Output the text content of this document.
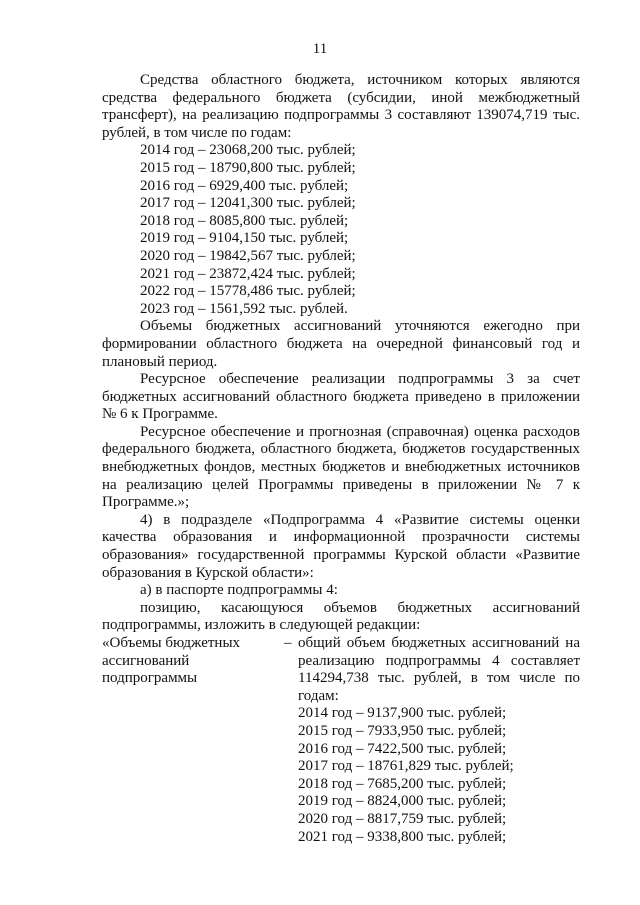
11

Средства областного бюджета, источником которых являются средства федерального бюджета (субсидии, иной межбюджетный трансферт), на реализацию подпрограммы 3 составляют 139074,719 тыс. рублей, в том числе по годам:

2014 год – 23068,200 тыс. рублей;
2015 год – 18790,800 тыс. рублей;
2016 год – 6929,400 тыс. рублей;
2017 год – 12041,300 тыс. рублей;
2018 год – 8085,800 тыс. рублей;
2019 год – 9104,150 тыс. рублей;
2020 год – 19842,567 тыс. рублей;
2021 год – 23872,424 тыс. рублей;
2022 год – 15778,486 тыс. рублей;
2023 год – 1561,592 тыс. рублей.

Объемы бюджетных ассигнований уточняются ежегодно при формировании областного бюджета на очередной финансовый год и плановый период.

Ресурсное обеспечение реализации подпрограммы 3 за счет бюджетных ассигнований областного бюджета приведено в приложении № 6 к Программе.

Ресурсное обеспечение и прогнозная (справочная) оценка расходов федерального бюджета, областного бюджета, бюджетов государственных внебюджетных фондов, местных бюджетов и внебюджетных источников на реализацию целей Программы приведены в приложении № 7 к Программе.»;

4) в подразделе «Подпрограмма 4 «Развитие системы оценки качества образования и информационной прозрачности системы образования» государственной программы Курской области «Развитие образования в Курской области»:

а) в паспорте подпрограммы 4:

позицию, касающуюся объемов бюджетных ассигнований подпрограммы, изложить в следующей редакции:

«Объемы бюджетных
ассигнований
подпрограммы
– общий объем бюджетных ассигнований на реализацию подпрограммы 4 составляет 114294,738 тыс. рублей, в том числе по годам:
2014 год – 9137,900 тыс. рублей;
2015 год – 7933,950 тыс. рублей;
2016 год – 7422,500 тыс. рублей;
2017 год – 18761,829 тыс. рублей;
2018 год – 7685,200 тыс. рублей;
2019 год – 8824,000 тыс. рублей;
2020 год – 8817,759 тыс. рублей;
2021 год – 9338,800 тыс. рублей;
